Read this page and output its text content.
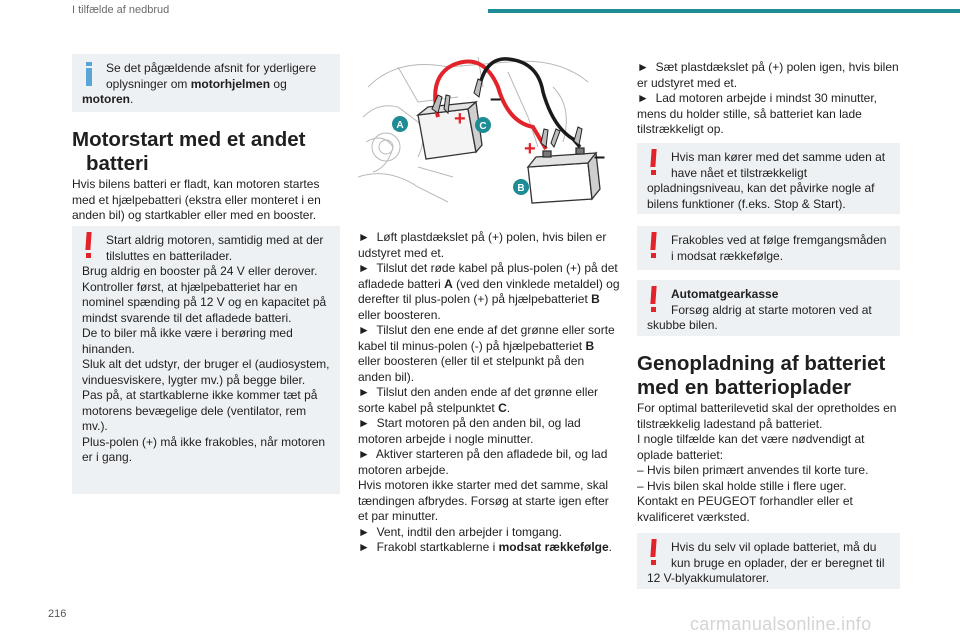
I tilfælde af nedbrud
Se det pågældende afsnit for yderligere
oplysninger om motorhjelmen og
motoren.
Motorstart med et andet
batteri

Hvis bilens batteri er fladt, kan motoren startes med et hjælpebatteri (ekstra eller monteret i en anden bil) og startkabler eller med en booster.

Start aldrig motoren, samtidig med at der tilsluttes en batterilader.
Brug aldrig en booster på 24 V eller derover.
Kontroller først, at hjælpebatteriet har en nominel spænding på 12 V og en kapacitet på mindst svarende til det afladede batteri.
De to biler må ikke være i berøring med hinanden.
Sluk alt det udstyr, der bruger el (audiosystem, vinduesviskere, lygter mv.) på begge biler.
Pas på, at startkablerne ikke kommer tæt på motorens bevægelige dele (ventilator, rem mv.).
Plus-polen (+) må ikke frakobles, når motoren er i gang.
+
–
+	–
A	C
B

► Løft plastdækslet på (+) polen, hvis bilen er udstyret med et.

► Tilslut det røde kabel på plus-polen (+) på det afladede batteri A (ved den vinklede metaldel) og derefter til plus-polen (+) på hjælpebatteriet B eller boosteren.

► Tilslut den ene ende af det grønne eller sorte kabel til minus-polen (-) på hjælpebatteriet B eller boosteren (eller til et stelpunkt på den anden bil).

► Tilslut den anden ende af det grønne eller sorte kabel på stelpunktet C.

► Start motoren på den anden bil, og lad motoren arbejde i nogle minutter.

► Aktiver starteren på den afladede bil, og lad motoren arbejde.

Hvis motoren ikke starter med det samme, skal tændingen afbrydes. Forsøg at starte igen efter et par minutter.

► Vent, indtil den arbejder i tomgang.

► Frakobl startkablerne i modsat rækkefølge.

► Sæt plastdækslet på (+) polen igen, hvis bilen er udstyret med et.

► Lad motoren arbejde i mindst 30 minutter, mens du holder stille, så batteriet kan lade tilstrækkeligt op.

Hvis man kører med det samme uden at have nået et tilstrækkeligt
opladningsniveau, kan det påvirke nogle af bilens funktioner (f.eks. Stop & Start).
Frakobles ved at følge fremgangsmåden i modsat rækkefølge.
Automatgearkasse
Forsøg aldrig at starte motoren ved at
skubbe bilen.
Genopladning af batteriet
med en batterioplader

For optimal batterilevetid skal der opretholdes en tilstrækkelig ladestand på batteriet.

I nogle tilfælde kan det være nødvendigt at oplade batteriet:

– Hvis bilen primært anvendes til korte ture.

– Hvis bilen skal holde stille i flere uger.

Kontakt en PEUGEOT forhandler eller et kvalificeret værksted.

Hvis du selv vil oplade batteriet, må du kun bruge en oplader, der er beregnet til
12 V-blyakkumulatorer.
216	carmanualsonline.info
